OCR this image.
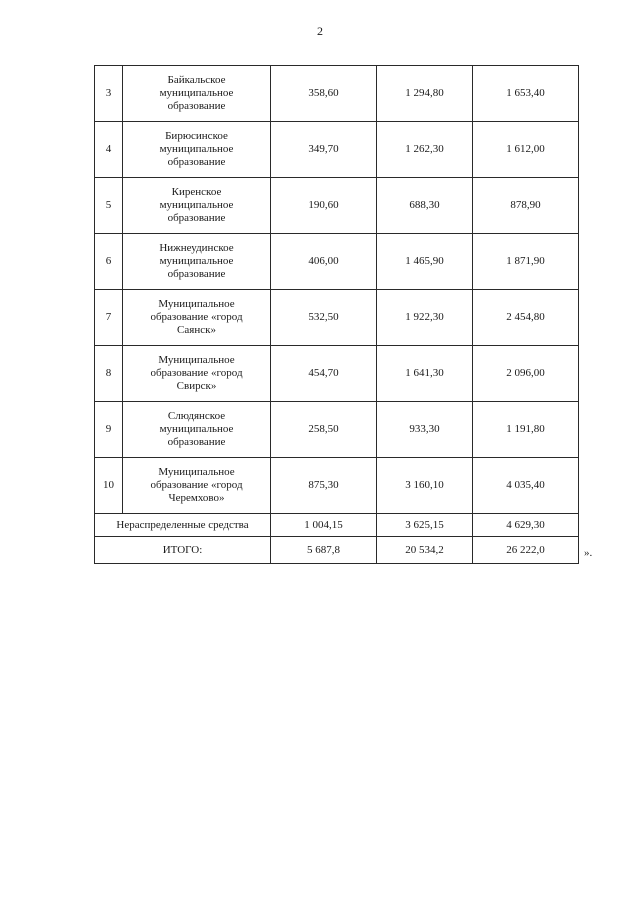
2
3	Байкальское
муниципальное
образование	358,60	1 294,80	1 653,40
4	Бирюсинское
муниципальное
образование	349,70	1 262,30	1 612,00
5	Киренское
муниципальное
образование	190,60	688,30	878,90
6	Нижнеудинское
муниципальное
образование	406,00	1 465,90	1 871,90
7	Муниципальное
образование «город
Саянск»	532,50	1 922,30	2 454,80
8	Муниципальное
образование «город
Свирск»	454,70	1 641,30	2 096,00
9	Слюдянское
муниципальное
образование	258,50	933,30	1 191,80
10	Муниципальное
образование «город
Черемхово»	875,30	3 160,10	4 035,40
Нераспределенные средства		1 004,15	3 625,15	4 629,30
ИТОГО:		5 687,8	20 534,2	26 222,0	».
